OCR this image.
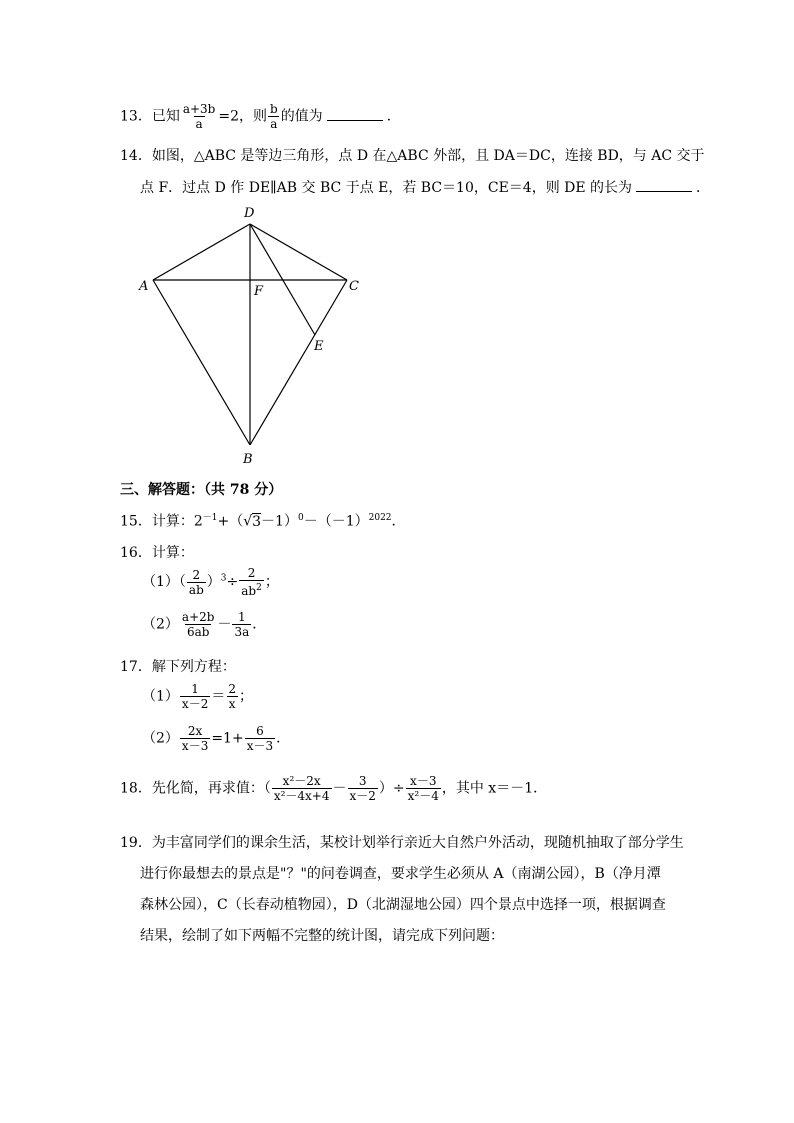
13．已知 $\frac{a+3b}{a} =2$，则 $\frac{b}{a}$ 的值为	．
14．如图，△ABC 是等边三角形，点 D 在△ABC 外部，且 DA＝DC，连接 BD，与 AC 交于
点 F．过点 D 作 DE∥AB 交 BC 于点 E，若 BC＝10，CE＝4，则 DE 的长为	．
D
A	C
F
E
B
三、解答题：（共 78 分）
15．计算：$2^{-1}+(√3-1)^0-(-1)^{2022}$．
16．计算：
$(1)( \frac{2}{ab} )^3\div \frac{2}{ab^2}$ ；
$(2) \frac{a+2b}{6ab} - \frac{1}{3a}$ ．
17．解下列方程：
$(1) \frac{1}{x-2} = \frac{2}{x}$ ；
$(2) \frac{2x}{x-3} =1+ \frac{6}{x-3}$ ．
18．先化简，再求值：（ $\frac{\text{x²－2x}}{\text{x²－4x+4}} - \frac{3}{x-2}$ ）÷ $\frac{x-3}{\text{x²－4}}$ ，其中 x＝－1．
19．为丰富同学们的课余生活，某校计划举行亲近大自然户外活动，现随机抽取了部分学生
进行你最想去的景点是"？"的问卷调查，要求学生必须从 A（南湖公园），B（净月潭
森林公园），C（长春动植物园），D（北湖湿地公园）四个景点中选择一项，根据调查
结果，绘制了如下两幅不完整的统计图，请完成下列问题：
